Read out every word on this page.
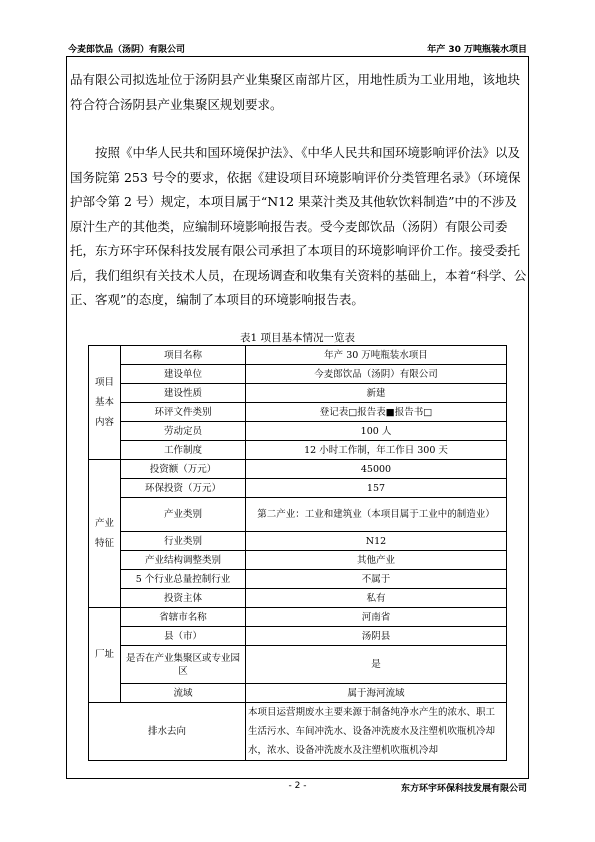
今麦郎饮品（汤阴）有限公司	年产 30 万吨瓶装水项目

品有限公司拟选址位于汤阴县产业集聚区南部片区，用地性质为工业用地，该地块符合符合汤阴县产业集聚区规划要求。

按照《中华人民共和国环境保护法》、《中华人民共和国环境影响评价法》以及国务院第 253 号令的要求，依据《建设项目环境影响评价分类管理名录》（环境保护部令第 2 号）规定，本项目属于“N12 果菜汁类及其他软饮料制造”中的不涉及原汁生产的其他类，应编制环境影响报告表。受今麦郎饮品（汤阴）有限公司委托，东方环宇环保科技发展有限公司承担了本项目的环境影响评价工作。接受委托后，我们组织有关技术人员，在现场调查和收集有关资料的基础上，本着“科学、公正、客观”的态度，编制了本项目的环境影响报告表。

表1 项目基本情况一览表
项目基本内容	项目名称	年产 30 万吨瓶装水项目
	建设单位	今麦郎饮品（汤阴）有限公司
	建设性质	新建
	环评文件类别	登记表□报告表■报告书□
	劳动定员	100 人
	工作制度	12 小时工作制，年工作日 300 天
产业特征	投资额（万元）	45000
	环保投资（万元）	157
	产业类别	第二产业：工业和建筑业（本项目属于工业中的制造业）
	行业类别	N12
	产业结构调整类别	其他产业
	5 个行业总量控制行业	不属于
	投资主体	私有
厂址	省辖市名称	河南省
	县（市）	汤阴县
	是否在产业集聚区或专业园区	是
	流域	属于海河流域
排水去向		本项目运营期废水主要来源于制备纯净水产生的浓水、职工生活污水、车间冲洗水、设备冲洗废水及注塑机吹瓶机冷却水，浓水、设备冲洗废水及注塑机吹瓶机冷却
- 2 -	东方环宇环保科技发展有限公司
